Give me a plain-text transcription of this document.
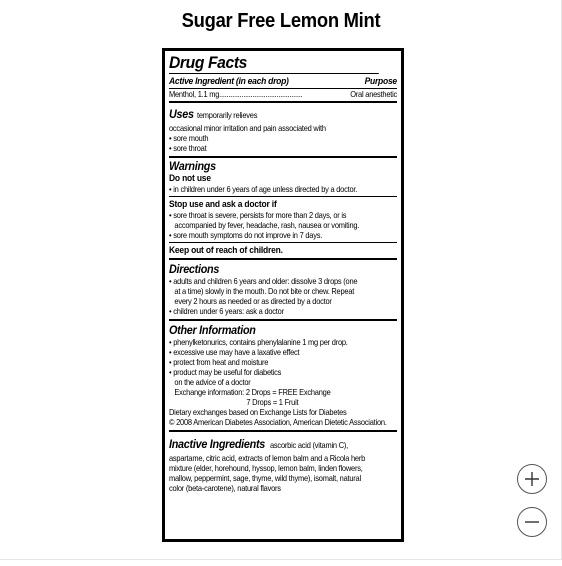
Sugar Free Lemon Mint
Drug Facts
Active Ingredient (in each drop)	Purpose
Menthol, 1.1 mg.............................................	Oral anesthetic
Uses temporarily relieves
occasional minor irritation and pain associated with
• sore mouth
• sore throat
Warnings
Do not use
• in children under 6 years of age unless directed by a doctor.
Stop use and ask a doctor if
• sore throat is severe, persists for more than 2 days, or is
accompanied by fever, headache, rash, nausea or vomiting.
• sore mouth symptoms do not improve in 7 days.
Keep out of reach of children.
Directions
• adults and children 6 years and older: dissolve 3 drops (one
at a time) slowly in the mouth. Do not bite or chew. Repeat
every 2 hours as needed or as directed by a doctor
• children under 6 years: ask a doctor
Other Information
• phenylketonurics, contains phenylalanine 1 mg per drop.
• excessive use may have a laxative effect
• protect from heat and moisture
• product may be useful for diabetics
on the advice of a doctor
Exchange information: 2 Drops = FREE Exchange
7 Drops = 1 Fruit
Dietary exchanges based on Exchange Lists for Diabetes
© 2008 American Diabetes Association, American Dietetic Association.
Inactive Ingredients ascorbic acid (vitamin C),
aspartame, citric acid, extracts of lemon balm and a Ricola herb
mixture (elder, horehound, hyssop, lemon balm, linden flowers,
mallow, peppermint, sage, thyme, wild thyme), isomalt, natural
color (beta-carotene), natural flavors
